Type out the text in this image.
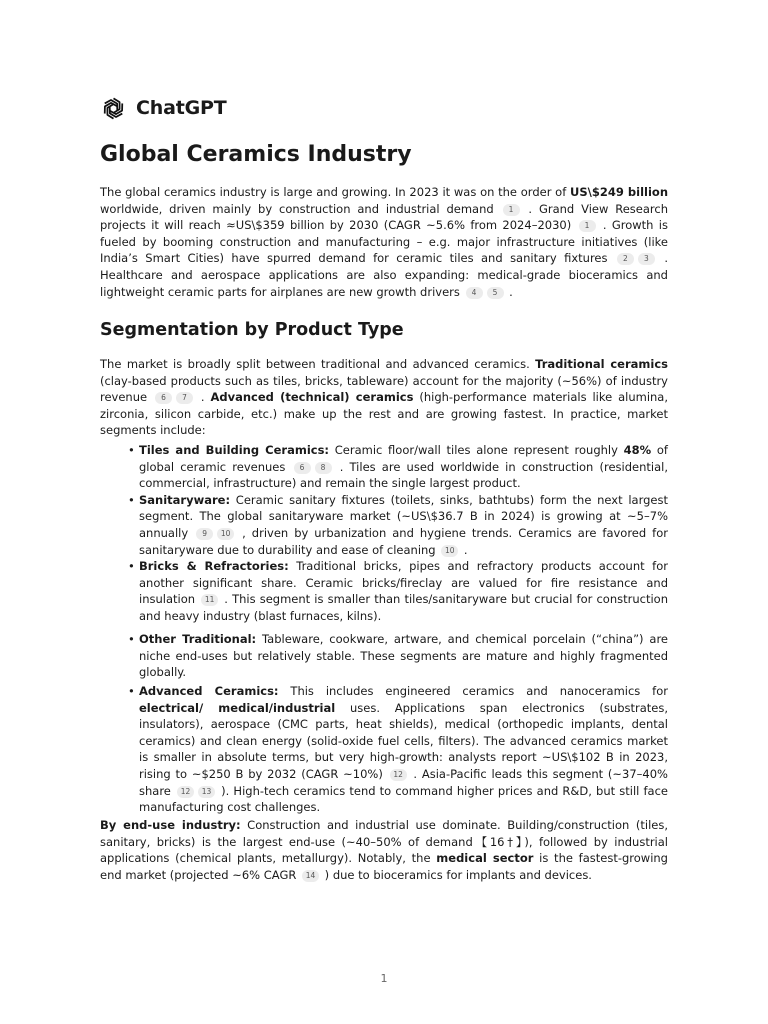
ChatGPT
Global Ceramics Industry

The global ceramics industry is large and growing. In 2023 it was on the order of US\$249 billion worldwide, driven mainly by construction and industrial demand 1 . Grand View Research projects it will reach ≈US\$359 billion by 2030 (CAGR ~5.6% from 2024–2030) 1 . Growth is fueled by booming construction and manufacturing – e.g. major infrastructure initiatives (like India’s Smart Cities) have spurred demand for ceramic tiles and sanitary fixtures 2 3 . Healthcare and aerospace applications are also expanding: medical-grade bioceramics and lightweight ceramic parts for airplanes are new growth drivers 4 5 .

Segmentation by Product Type

The market is broadly split between traditional and advanced ceramics. Traditional ceramics (clay-based products such as tiles, bricks, tableware) account for the majority (~56%) of industry revenue 6 7 . Advanced (technical) ceramics (high-performance materials like alumina, zirconia, silicon carbide, etc.) make up the rest and are growing fastest. In practice, market segments include:

• Tiles and Building Ceramics: Ceramic floor/wall tiles alone represent roughly 48% of global ceramic revenues 6 8 . Tiles are used worldwide in construction (residential, commercial, infrastructure) and remain the single largest product.
• Sanitaryware: Ceramic sanitary fixtures (toilets, sinks, bathtubs) form the next largest segment. The global sanitaryware market (~US\$36.7 B in 2024) is growing at ~5–7% annually 9 10 , driven by urbanization and hygiene trends. Ceramics are favored for sanitaryware due to durability and ease of cleaning 10 .
• Bricks & Refractories: Traditional bricks, pipes and refractory products account for another significant share. Ceramic bricks/fireclay are valued for fire resistance and insulation 11 . This segment is smaller than tiles/sanitaryware but crucial for construction and heavy industry (blast furnaces, kilns).
• Other Traditional: Tableware, cookware, artware, and chemical porcelain (“china”) are niche end-uses but relatively stable. These segments are mature and highly fragmented globally.
• Advanced Ceramics: This includes engineered ceramics and nanoceramics for electrical/ medical/industrial uses. Applications span electronics (substrates, insulators), aerospace (CMC parts, heat shields), medical (orthopedic implants, dental ceramics) and clean energy (solid-oxide fuel cells, filters). The advanced ceramics market is smaller in absolute terms, but very high-growth: analysts report ~US\$102 B in 2023, rising to ~$250 B by 2032 (CAGR ~10%) 12 . Asia-Pacific leads this segment (~37–40% share 12 13 ). High-tech ceramics tend to command higher prices and R&D, but still face manufacturing cost challenges.

By end-use industry: Construction and industrial use dominate. Building/construction (tiles, sanitary, bricks) is the largest end-use (~40–50% of demand【16†】), followed by industrial applications (chemical plants, metallurgy). Notably, the medical sector is the fastest-growing end market (projected ~6% CAGR 14 ) due to bioceramics for implants and devices.

1
